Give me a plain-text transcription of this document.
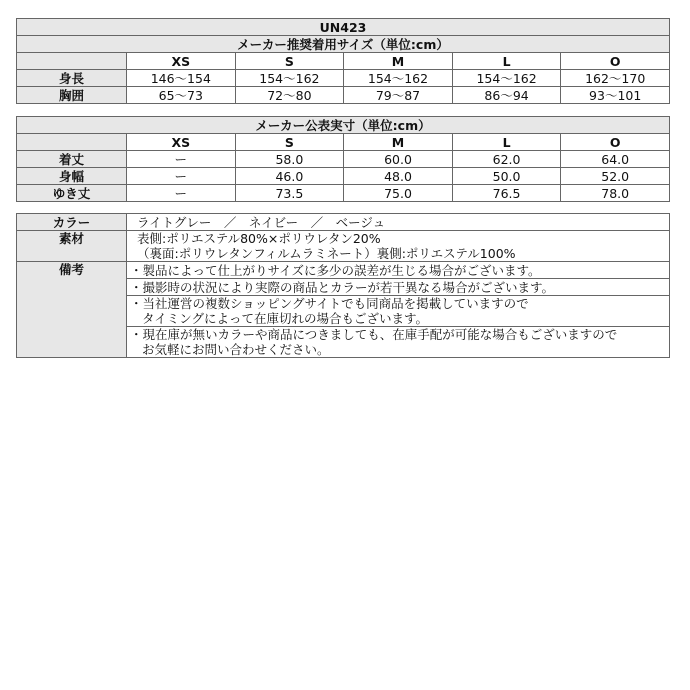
UN423					
メーカー推奨着用サイズ（単位:cm）					
	XS	S	M	L	O
身長	146～154	154～162	154～162	154～162	162～170
胸囲	65～73	72～80	79～87	86～94	93～101
メーカー公表実寸（単位:cm）					
	XS	S	M	L	O
着丈	ー	58.0	60.0	62.0	64.0
身幅	ー	46.0	48.0	50.0	52.0
ゆき丈	ー	73.5	75.0	76.5	78.0
カラー	ライトグレー　／　ネイビー　／　ベージュ
素材	表側:ポリエステル80%×ポリウレタン20%
（裏面:ポリウレタンフィルムラミネート）裏側:ポリエステル100%

備考	・ 製品によって仕上がりサイズに多少の誤差が生じる場合がございます。

	・ 撮影時の状況により実際の商品とカラーが若干異なる場合がございます。

	・ 当社運営の複数ショッピングサイトでも同商品を掲載していますので
タイミングによって在庫切れの場合もございます。

	・ 現在庫が無いカラーや商品につきましても、在庫手配が可能な場合もございますので
お気軽にお問い合わせください。
